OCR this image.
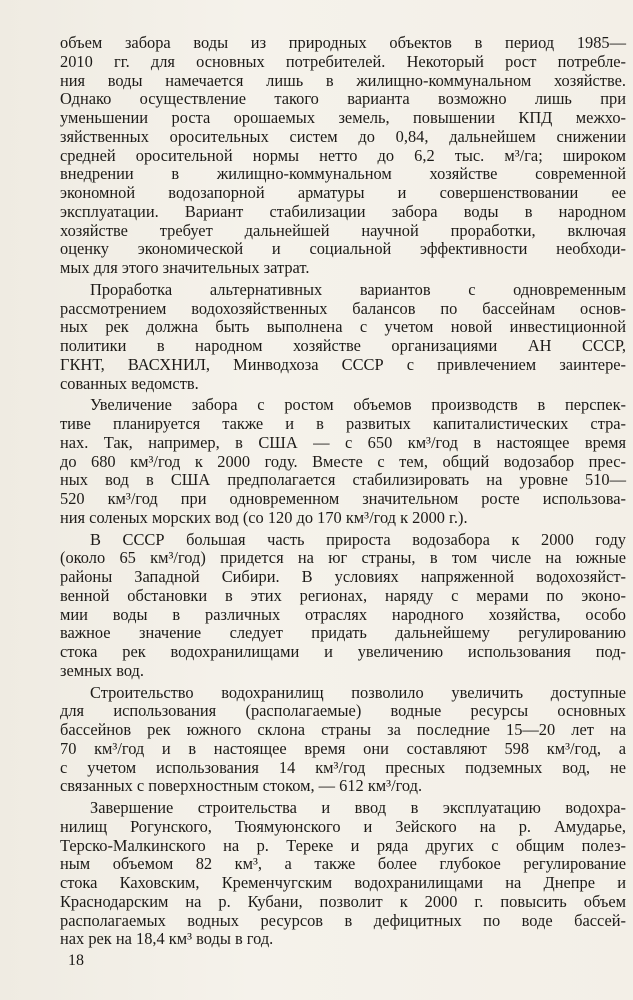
объем забора воды из природных объектов в период 1985—
2010 гг. для основных потребителей. Некоторый рост потребле-
ния воды намечается лишь в жилищно-коммунальном хозяйстве.
Однако осуществление такого варианта возможно лишь при
уменьшении роста орошаемых земель, повышении КПД межхо-
зяйственных оросительных систем до 0,84, дальнейшем снижении
средней оросительной нормы нетто до 6,2 тыс. м³/га; широком
внедрении в жилищно-коммунальном хозяйстве современной
экономной водозапорной арматуры и совершенствовании ее
эксплуатации. Вариант стабилизации забора воды в народном
хозяйстве требует дальнейшей научной проработки, включая
оценку экономической и социальной эффективности необходи-
мых для этого значительных затрат.
Проработка альтернативных вариантов с одновременным
рассмотрением водохозяйственных балансов по бассейнам основ-
ных рек должна быть выполнена с учетом новой инвестиционной
политики в народном хозяйстве организациями АН СССР,
ГКНТ, ВАСХНИЛ, Минводхоза СССР с привлечением заинтере-
сованных ведомств.
Увеличение забора с ростом объемов производств в перспек-
тиве планируется также и в развитых капиталистических стра-
нах. Так, например, в США — с 650 км³/год в настоящее время
до 680 км³/год к 2000 году. Вместе с тем, общий водозабор прес-
ных вод в США предполагается стабилизировать на уровне 510—
520 км³/год при одновременном значительном росте использова-
ния соленых морских вод (со 120 до 170 км³/год к 2000 г.).
В СССР большая часть прироста водозабора к 2000 году
(около 65 км³/год) придется на юг страны, в том числе на южные
районы Западной Сибири. В условиях напряженной водохозяйст-
венной обстановки в этих регионах, наряду с мерами по эконо-
мии воды в различных отраслях народного хозяйства, особо
важное значение следует придать дальнейшему регулированию
стока рек водохранилищами и увеличению использования под-
земных вод.
Строительство водохранилищ позволило увеличить доступные
для использования (располагаемые) водные ресурсы основных
бассейнов рек южного склона страны за последние 15—20 лет на
70 км³/год и в настоящее время они составляют 598 км³/год, а
с учетом использования 14 км³/год пресных подземных вод, не
связанных с поверхностным стоком, — 612 км³/год.
Завершение строительства и ввод в эксплуатацию водохра-
нилищ Рогунского, Тюямуюнского и Зейского на р. Амударье,
Терско-Малкинского на р. Тереке и ряда других с общим полез-
ным объемом 82 км³, а также более глубокое регулирование
стока Каховским, Кременчугским водохранилищами на Днепре и
Краснодарским на р. Кубани, позволит к 2000 г. повысить объем
располагаемых водных ресурсов в дефицитных по воде бассей-
нах рек на 18,4 км³ воды в год.
18
